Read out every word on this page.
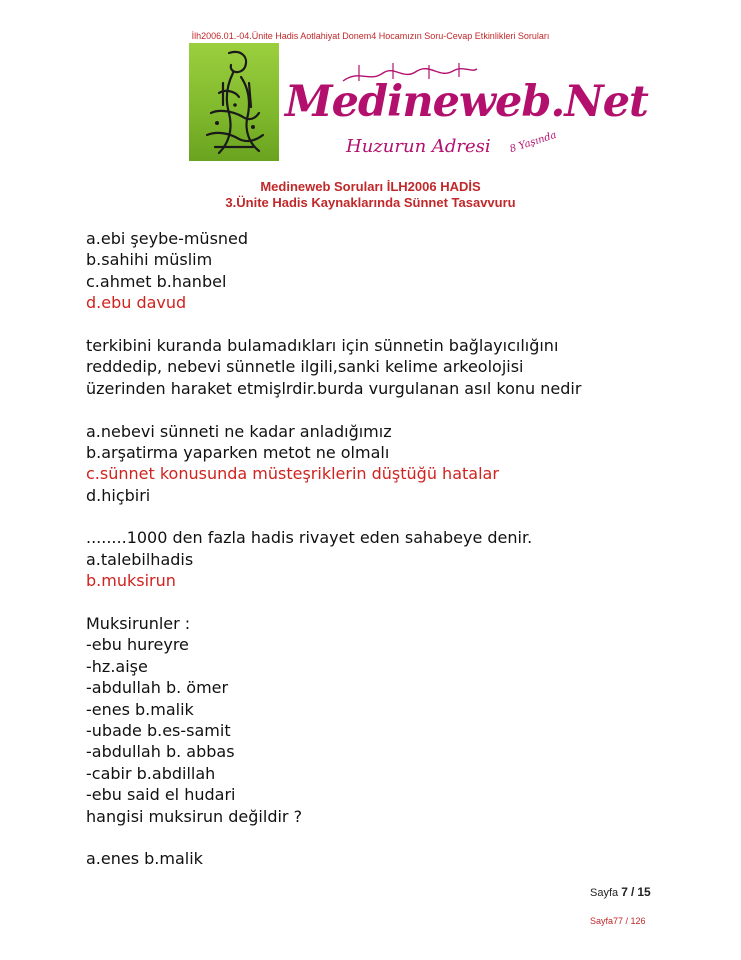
İlh2006.01.-04.Ünite Hadis Aotlahiyat Donem4 Hocamızın Soru-Cevap Etkinlikleri Soruları
Medineweb.Net
Huzurun Adresi 8 Yaşında
Medineweb Soruları İLH2006 HADİS
3.Ünite Hadis Kaynaklarında Sünnet Tasavvuru
a.ebi şeybe-müsned
b.sahihi müslim
c.ahmet b.hanbel
d.ebu davud
terkibini kuranda bulamadıkları için sünnetin bağlayıcılığını
reddedip, nebevi sünnetle ilgili,sanki kelime arkeolojisi
üzerinden haraket etmişlrdir.burda vurgulanan asıl konu nedir
a.nebevi sünneti ne kadar anladığımız
b.arşatirma yaparken metot ne olmalı
c.sünnet konusunda müsteşriklerin düştüğü hatalar
d.hiçbiri
........1000 den fazla hadis rivayet eden sahabeye denir.
a.talebilhadis
b.muksirun
Muksirunler :
-ebu hureyre
-hz.aişe
-abdullah b. ömer
-enes b.malik
-ubade b.es-samit
-abdullah b. abbas
-cabir b.abdillah
-ebu said el hudari
hangisi muksirun değildir ?
a.enes b.malik
Sayfa 7 / 15
Sayfa77 / 126
